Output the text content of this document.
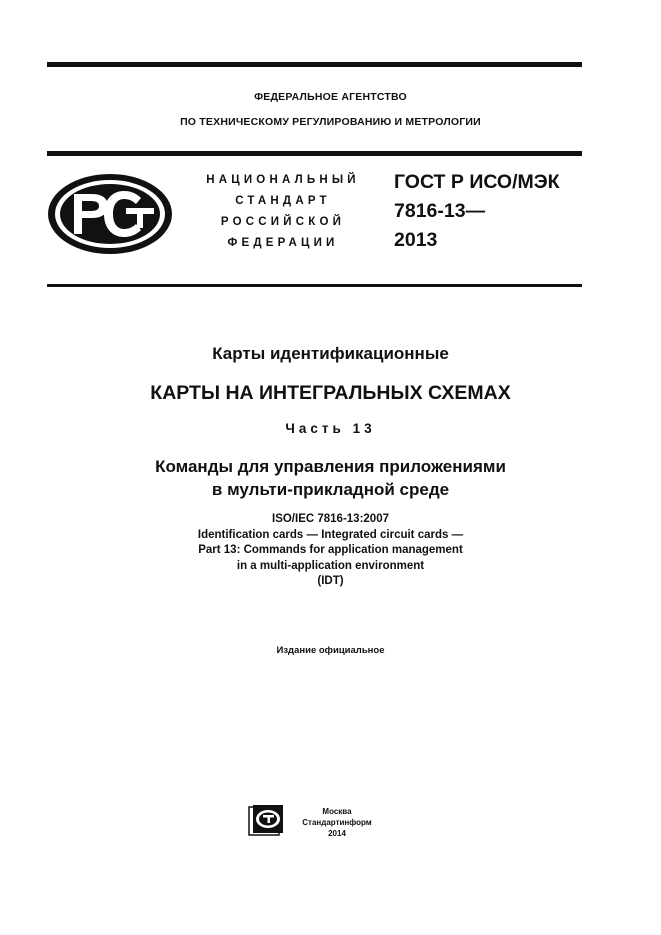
ФЕДЕРАЛЬНОЕ АГЕНТСТВО
ПО ТЕХНИЧЕСКОМУ РЕГУЛИРОВАНИЮ И МЕТРОЛОГИИ
НАЦИОНАЛЬНЫЙ
СТАНДАРТ
РОССИЙСКОЙ
ФЕДЕРАЦИИ
ГОСТ Р ИСО/МЭК
7816-13—
2013
Карты идентификационные
КАРТЫ НА ИНТЕГРАЛЬНЫХ СХЕМАХ
Часть 13
Команды для управления приложениями
в мульти-прикладной среде
ISO/IEC 7816-13:2007
Identification cards — Integrated circuit cards —
Part 13: Commands for application management
in a multi-application environment
(IDT)
Издание официальное
Москва
Стандартинформ
2014
